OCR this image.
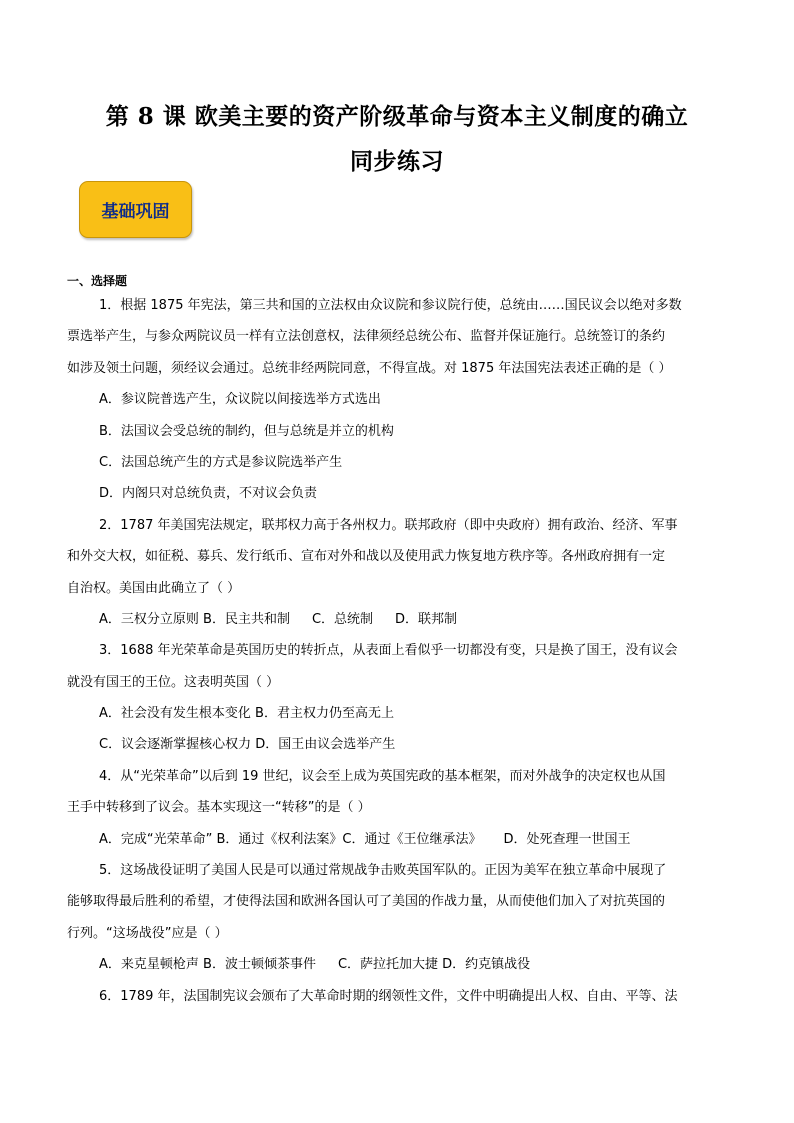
第 8 课 欧美主要的资产阶级革命与资本主义制度的确立
同步练习
基础巩固
一、选择题
1．根据 1875 年宪法，第三共和国的立法权由众议院和参议院行使，总统由……国民议会以绝对多数
票选举产生，与参众两院议员一样有立法创意权，法律须经总统公布、监督并保证施行。总统签订的条约
如涉及领土问题，须经议会通过。总统非经两院同意，不得宣战。对 1875 年法国宪法表述正确的是（ ）
A．参议院普选产生，众议院以间接选举方式选出
B．法国议会受总统的制约，但与总统是并立的机构
C．法国总统产生的方式是参议院选举产生
D．内阁只对总统负责，不对议会负责
2．1787 年美国宪法规定，联邦权力高于各州权力。联邦政府（即中央政府）拥有政治、经济、军事
和外交大权，如征税、募兵、发行纸币、宣布对外和战以及使用武力恢复地方秩序等。各州政府拥有一定
自治权。美国由此确立了（ ）
A．三权分立原则 B．民主共和制 C．总统制 D．联邦制
3．1688 年光荣革命是英国历史的转折点，从表面上看似乎一切都没有变，只是换了国王，没有议会
就没有国王的王位。这表明英国（ ）
A．社会没有发生根本变化 B．君主权力仍至高无上
C．议会逐渐掌握核心权力 D．国王由议会选举产生
4．从“光荣革命”以后到 19 世纪，议会至上成为英国宪政的基本框架，而对外战争的决定权也从国
王手中转移到了议会。基本实现这一“转移”的是（ ）
A．完成“光荣革命” B．通过《权利法案》C．通过《王位继承法》 D．处死查理一世国王
5．这场战役证明了美国人民是可以通过常规战争击败英国军队的。正因为美军在独立革命中展现了
能够取得最后胜利的希望，才使得法国和欧洲各国认可了美国的作战力量，从而使他们加入了对抗英国的
行列。“这场战役”应是（ ）
A．来克星顿枪声 B．波士顿倾茶事件 C．萨拉托加大捷 D．约克镇战役
6．1789 年，法国制宪议会颁布了大革命时期的纲领性文件，文件中明确提出人权、自由、平等、法
